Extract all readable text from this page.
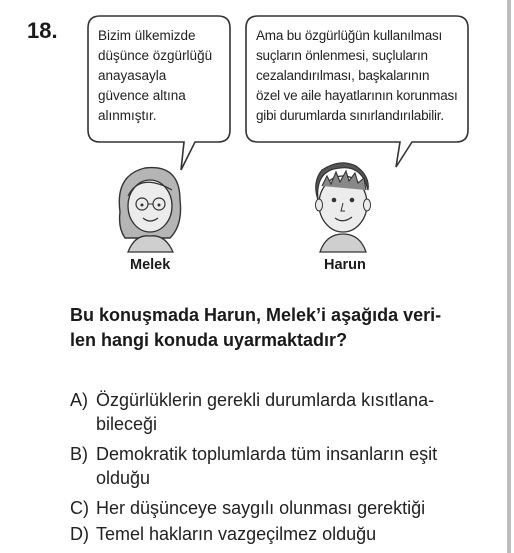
18.	Bizim ülkemizde
düşünce özgürlüğü
anayasayla
güvence altına
alınmıştır.
Ama bu özgürlüğün kullanılması
suçların önlenmesi, suçluların
cezalandırılması, başkalarının
özel ve aile hayatlarının korunması
gibi durumlarda sınırlandırılabilir.
Melek	Harun
Bu konuşmada Harun, Melek’i aşağıda veri-
len hangi konuda uyarmaktadır?
A) Özgürlüklerin gerekli durumlarda kısıtlana-
bileceği
B) Demokratik toplumlarda tüm insanların eşit
olduğu
C) Her düşünceye saygılı olunması gerektiği
D) Temel hakların vazgeçilmez olduğu
